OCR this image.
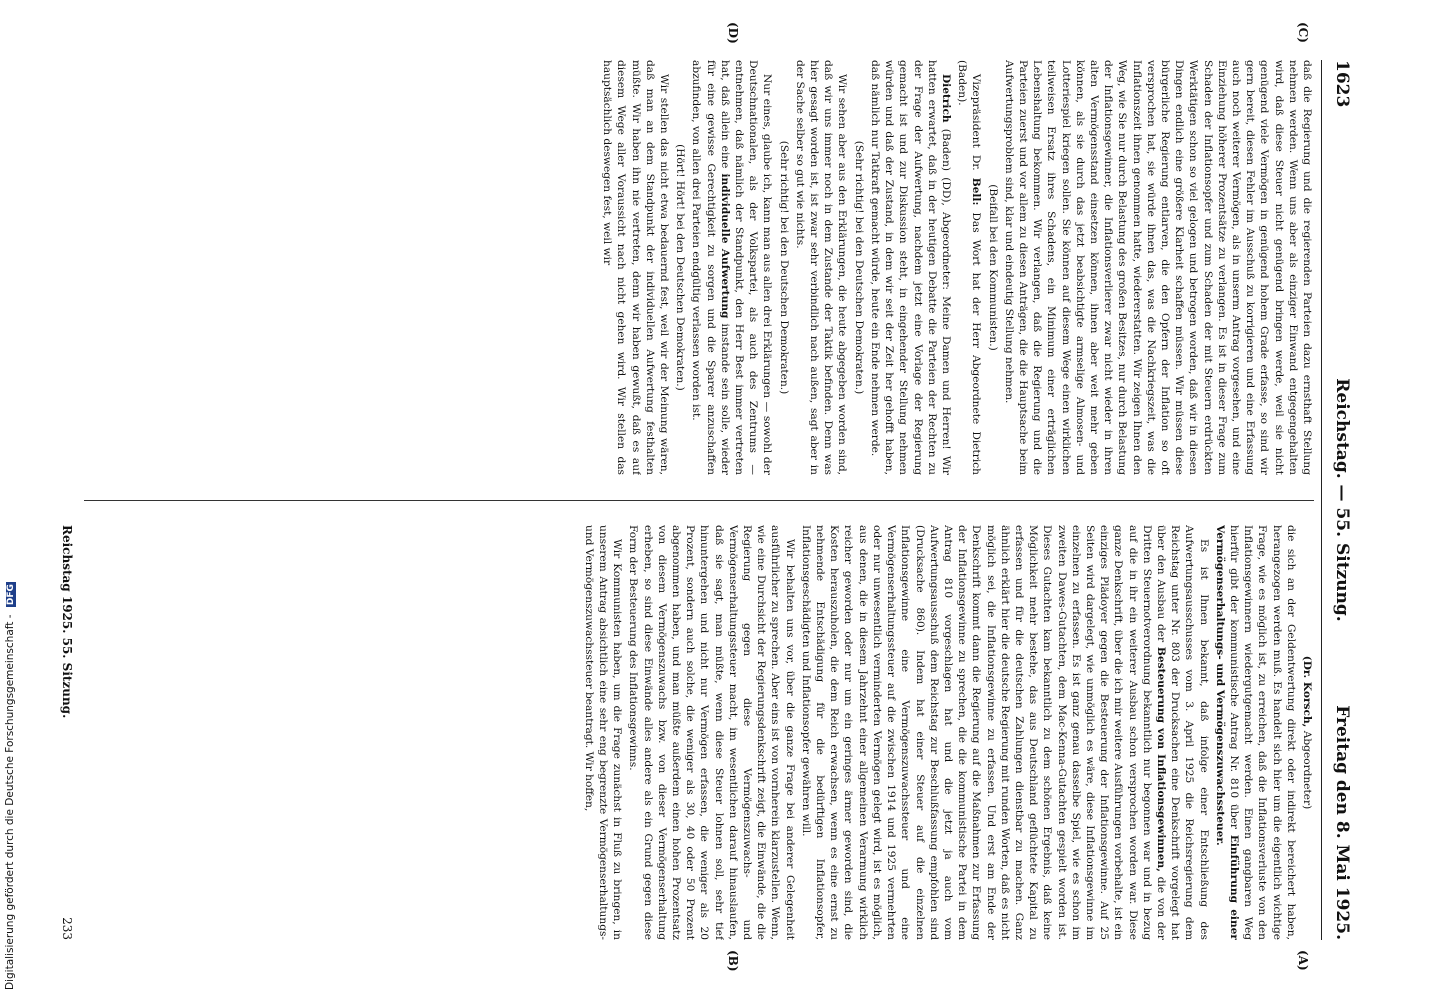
1623
Reichstag. — 55. Sitzung.
Freitag den 8. Mai 1925.
(C)
(D)
(A)
(B)

daß die Regierung und die regierenden Parteien dazu ernsthaft Stellung nehmen werden. Wenn uns aber als einziger Einwand entgegengehalten wird, daß diese Steuer nicht genügend bringen werde, weil sie nicht genügend viele Vermögen in genügend hohem Grade erfasse, so sind wir gern bereit, diesen Fehler im Ausschuß zu korrigieren und eine Erfassung auch noch weiterer Vermögen, als in unserm Antrag vorgesehen, und eine Einziehung höherer Prozentsätze zu verlangen. Es ist in dieser Frage zum Schaden der Inflationsopfer und zum Schaden der mit Steuern erdrückten Werktätigen schon so viel gelogen und betrogen worden, daß wir in diesen Dingen endlich eine größere Klarheit schaffen müssen. Wir müssen diese bürgerliche Regierung entlarven, die den Opfern der Inflation so oft versprochen hat, sie würde ihnen das, was die Nachkriegszeit, was die Inflationszeit ihnen genommen hatte, wiedererstatten. Wir zeigen Ihnen den Weg, wie Sie nur durch Belastung des großen Besitzes, nur durch Belastung der Inflationsgewinner, die Inflationsverlierer zwar nicht wieder in ihren alten Vermögensstand einsetzen können, ihnen aber weit mehr geben können, als sie durch das jetzt beabsichtigte armselige Almosen- und Lotteriespiel kriegen sollen. Sie können auf diesem Wege einen wirklichen teilweisen Ersatz ihres Schadens, ein Minimum einer erträglichen Lebenshaltung bekommen. Wir verlangen, daß die Regierung und die Parteien zuerst und vor allem zu diesen Anträgen, die die Hauptsache beim Aufwertungsproblem sind, klar und eindeutig Stellung nehmen.

(Beifall bei den Kommunisten.)

Vizepräsident Dr. Bell: Das Wort hat der Herr Abgeordnete Dietrich (Baden).

Dietrich (Baden) (DD), Abgeordneter: Meine Damen und Herren! Wir hatten erwartet, daß in der heutigen Debatte die Parteien der Rechten zu der Frage der Aufwertung, nachdem jetzt eine Vorlage der Regierung gemacht ist und zur Diskussion steht, in eingehender Stellung nehmen würden und daß der Zustand, in dem wir seit der Zeit her gehofft haben, daß nämlich nur Tatkraft gemacht würde, heute ein Ende nehmen werde.

(Sehr richtig! bei den Deutschen Demokraten.)

Wir sehen aber aus den Erklärungen, die heute abgegeben worden sind, daß wir uns immer noch in dem Zustande der Taktik befinden. Denn was hier gesagt worden ist, ist zwar sehr verbindlich nach außen, sagt aber in der Sache selber so gut wie nichts.

(Sehr richtig! bei den Deutschen Demokraten.)

Nur eines, glaube ich, kann man aus allen drei Erklärungen — sowohl der Deutschnationalen, als der Volkspartei, als auch des Zentrums — entnehmen, daß nämlich der Standpunkt, den Herr Best immer vertreten hat, daß allein eine individuelle Aufwertung imstande sein solle, wieder für eine gewisse Gerechtigkeit zu sorgen und die Sparer anzuschaffen abzufinden, von allen drei Parteien endgültig verlassen worden ist.

(Hört! Hört! bei den Deutschen Demokraten.)

Wir stellen das nicht etwa bedauernd fest, weil wir der Meinung wären, daß man an dem Standpunkt der individuellen Aufwertung festhalten müßte. Wir haben ihn nie vertreten, denn wir haben gewußt, daß es auf diesem Wege aller Voraussicht nach nicht gehen wird. Wir stellen das hauptsächlich deswegen fest, weil wir

(Dr. Korsch, Abgeordneter)

die sich an der Geldentwertung direkt oder indirekt bereichert haben, herangezogen werden muß. Es handelt sich hier um die eigentlich wichtige Frage, wie es möglich ist, zu erreichen, daß die Inflationsverluste von den Inflationsgewinnern wiedergutgemacht werden. Einen gangbaren Weg hierfür gibt der kommunistische Antrag Nr. 810 über Einführung einer Vermögenserhaltungs- und Vermögenszuwachssteuer.

Es ist Ihnen bekannt, daß infolge einer Entschließung des Aufwertungsausschusses vom 3. April 1925 die Reichsregierung dem Reichstag unter Nr. 803 der Drucksachen eine Denkschrift vorgelegt hat über den Ausbau der Besteuerung von Inflationsgewinnen, die von der Dritten Steuernotverordnung bekanntlich nur begonnen war und in bezug auf die in ihr ein weiterer Ausbau schon versprochen worden war. Diese ganze Denkschrift, über die ich mir weitere Ausführungen vorbehalte, ist ein einziges Plädoyer gegen die Besteuerung der Inflationsgewinne. Auf 25 Seiten wird dargelegt, wie unmöglich es wäre, diese Inflationsgewinne im einzelnen zu erfassen. Es ist ganz genau dasselbe Spiel, wie es schon im zweiten Dawes-Gutachten, dem Mac-Kenna-Gutachten gespielt worden ist. Dieses Gutachten kam bekanntlich zu dem schönen Ergebnis, daß keine Möglichkeit mehr bestehe, das aus Deutschland geflüchtete Kapital zu erfassen und für die deutschen Zahlungen dienstbar zu machen. Ganz ähnlich erklärt hier die deutsche Regierung mit runden Worten, daß es nicht möglich sei, die Inflationsgewinne zu erfassen. Und erst am Ende der Denkschrift kommt dann die Regierung auf die Maßnahmen zur Erfassung der Inflationsgewinne zu sprechen, die die kommunistische Partei in dem Antrag 810 vorgeschlagen hat und die jetzt ja auch vom Aufwertungsausschuß dem Reichstag zur Beschlußfassung empfohlen sind (Drucksache 860). Indem hat einer Steuer auf die einzelnen Inflationsgewinne eine Vermögenszuwachssteuer und eine Vermögenserhaltungssteuer auf die zwischen 1914 und 1925 vermehrten oder nur unwesentlich verminderten Vermögen gelegt wird, ist es möglich, aus denen, die in diesem Jahrzehnt einer allgemeinen Verarmung wirklich reicher geworden oder nur um ein geringes ärmer geworden sind, die Kosten herauszuholen, die dem Reich erwachsen, wenn es eine ernst zu nehmende Entschädigung für die bedürftigen Inflationsopfer, Inflationsgeschädigten und Inflationsopfer gewähren will.

Wir behalten uns vor, über die ganze Frage bei anderer Gelegenheit ausführlicher zu sprechen. Aber eins ist von vornherein klarzustellen. Wenn, wie eine Durchsicht der Regierungsdenkschrift zeigt, die Einwände, die die Regierung gegen diese Vermögenszuwachs- und Vermögenserhaltungssteuer macht, im wesentlichen darauf hinauslaufen, daß sie sagt, man müßte, wenn diese Steuer lohnen soll, sehr tief hinuntergehen und nicht nur Vermögen erfassen, die weniger als 20 Prozent, sondern auch solche, die weniger als 30, 40 oder 50 Prozent abgenommen haben, und man müßte außerdem einen hohen Prozentsatz von diesem Vermögenszuwachs bzw. von dieser Vermögenserhaltung erheben, so sind diese Einwände alles andere als ein Grund gegen diese Form der Besteuerung des Inflationsgewinns.

Wir Kommunisten haben, um die Frage zunächst in Fluß zu bringen, in unserem Antrag absichtlich eine sehr eng begrenzte Vermögenserhaltungs- und Vermögenszuwachssteuer beantragt. Wir hoffen,

Reichstag 1925. 55. Sitzung.
233
Digitalisierung gefördert durch die Deutsche Forschungsgemeinschaft - DFG
